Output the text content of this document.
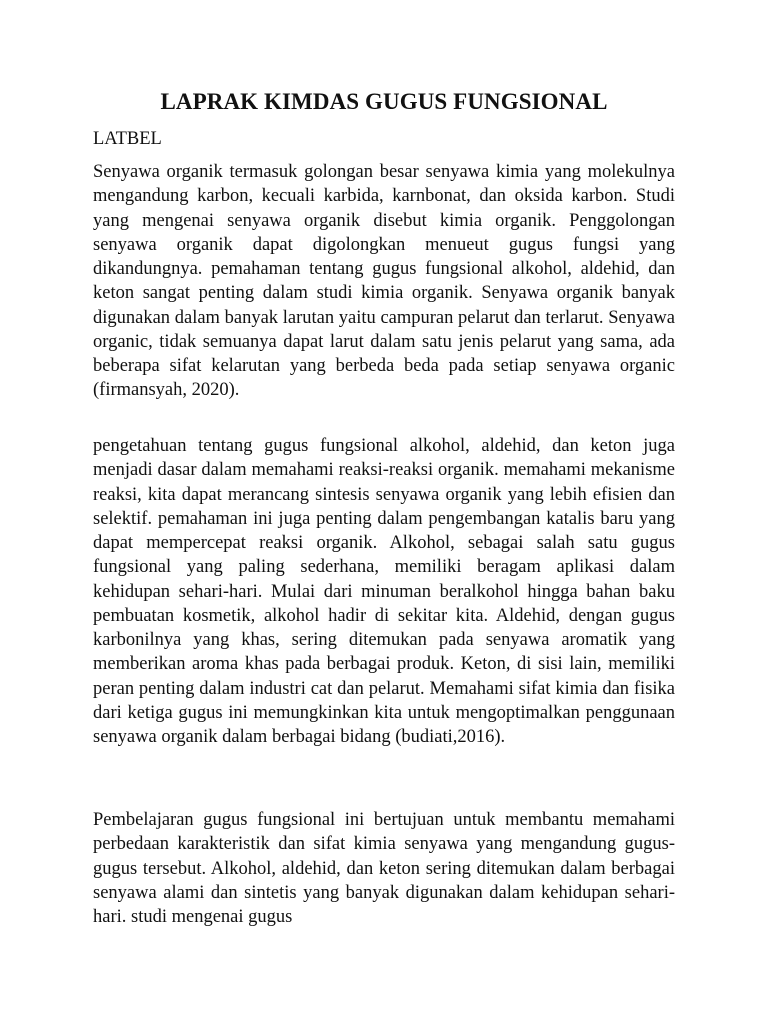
LAPRAK KIMDAS GUGUS FUNGSIONAL
LATBEL

Senyawa organik termasuk golongan besar senyawa kimia yang molekulnya mengandung karbon, kecuali karbida, karnbonat, dan oksida karbon. Studi yang mengenai senyawa organik disebut kimia organik. Penggolongan senyawa organik dapat digolongkan menueut gugus fungsi yang dikandungnya. pemahaman tentang gugus fungsional alkohol, aldehid, dan keton sangat penting dalam studi kimia organik. Senyawa organik banyak digunakan dalam banyak larutan yaitu campuran pelarut dan terlarut. Senyawa organic, tidak semuanya dapat larut dalam satu jenis pelarut yang sama, ada beberapa sifat kelarutan yang berbeda beda pada setiap senyawa organic (firmansyah, 2020).

pengetahuan tentang gugus fungsional alkohol, aldehid, dan keton juga menjadi dasar dalam memahami reaksi-reaksi organik. memahami mekanisme reaksi, kita dapat merancang sintesis senyawa organik yang lebih efisien dan selektif. pemahaman ini juga penting dalam pengembangan katalis baru yang dapat mempercepat reaksi organik. Alkohol, sebagai salah satu gugus fungsional yang paling sederhana, memiliki beragam aplikasi dalam kehidupan sehari-hari. Mulai dari minuman beralkohol hingga bahan baku pembuatan kosmetik, alkohol hadir di sekitar kita. Aldehid, dengan gugus karbonilnya yang khas, sering ditemukan pada senyawa aromatik yang memberikan aroma khas pada berbagai produk. Keton, di sisi lain, memiliki peran penting dalam industri cat dan pelarut. Memahami sifat kimia dan fisika dari ketiga gugus ini memungkinkan kita untuk mengoptimalkan penggunaan senyawa organik dalam berbagai bidang (budiati,2016).

Pembelajaran gugus fungsional ini bertujuan untuk membantu memahami perbedaan karakteristik dan sifat kimia senyawa yang mengandung gugus-gugus tersebut. Alkohol, aldehid, dan keton sering ditemukan dalam berbagai senyawa alami dan sintetis yang banyak digunakan dalam kehidupan sehari-hari. studi mengenai gugus
